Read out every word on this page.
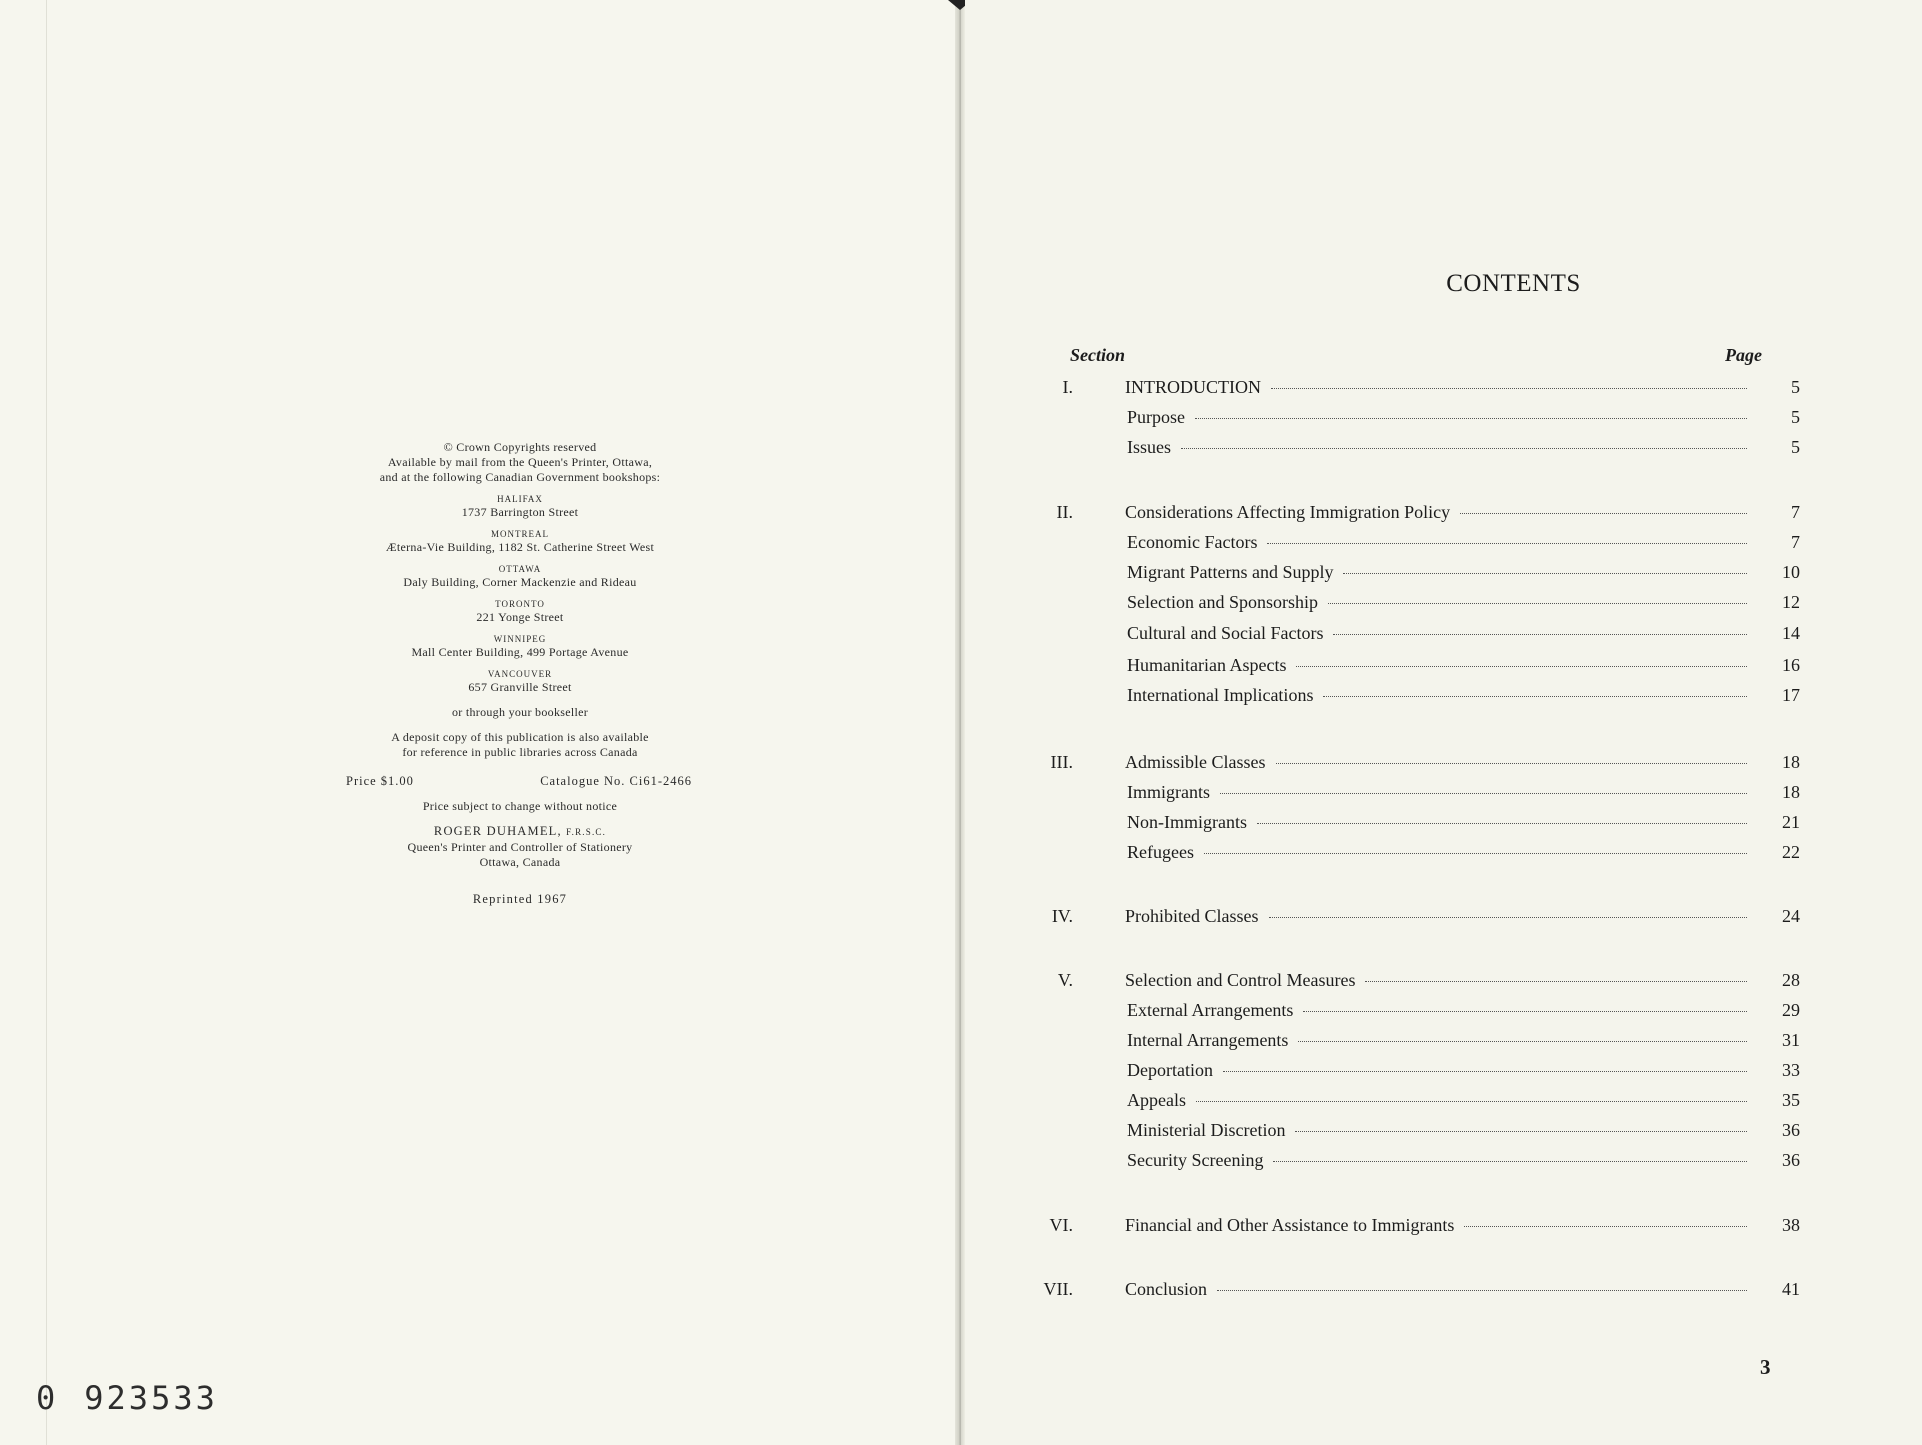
© Crown Copyrights reserved
Available by mail from the Queen's Printer, Ottawa,
and at the following Canadian Government bookshops:
HALIFAX
1737 Barrington Street
MONTREAL
Æterna-Vie Building, 1182 St. Catherine Street West
OTTAWA
Daly Building, Corner Mackenzie and Rideau
TORONTO
221 Yonge Street
WINNIPEG
Mall Center Building, 499 Portage Avenue
VANCOUVER
657 Granville Street
or through your bookseller
A deposit copy of this publication is also available
for reference in public libraries across Canada
Price $1.00	Catalogue No. Ci61-2466
Price subject to change without notice
ROGER DUHAMEL, F.R.S.C.
Queen's Printer and Controller of Stationery
Ottawa, Canada
Reprinted 1967
0 923533
CONTENTS
Section	Page
I.	INTRODUCTION	5
Purpose	5
Issues	5
II.	Considerations Affecting Immigration Policy	7
Economic Factors	7
Migrant Patterns and Supply	10
Selection and Sponsorship	12
Cultural and Social Factors	14
Humanitarian Aspects	16
International Implications	17
III.	Admissible Classes	18
Immigrants	18
Non-Immigrants	21
Refugees	22
IV.	Prohibited Classes	24
V.	Selection and Control Measures	28
External Arrangements	29
Internal Arrangements	31
Deportation	33
Appeals	35
Ministerial Discretion	36
Security Screening	36
VI.	Financial and Other Assistance to Immigrants	38
VII.	Conclusion	41
3
